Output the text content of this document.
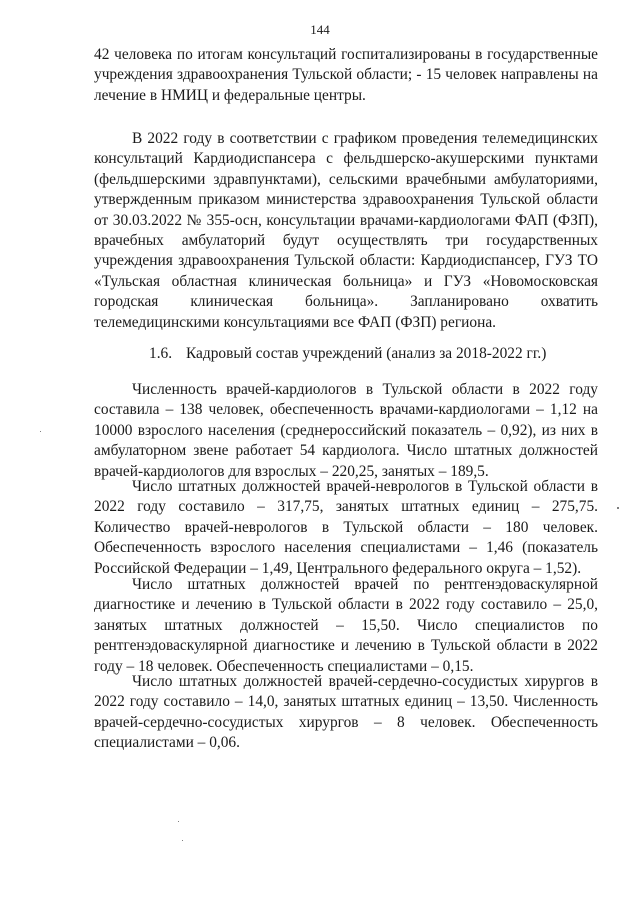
144

42 человека по итогам консультаций госпитализированы в государственные учреждения здравоохранения Тульской области; - 15 человек направлены на лечение в НМИЦ и федеральные центры.

В 2022 году в соответствии с графиком проведения телемедицинских консультаций Кардиодиспансера с фельдшерско-акушерскими пунктами (фельдшерскими здравпунктами), сельскими врачебными амбулаториями, утвержденным приказом министерства здравоохранения Тульской области от 30.03.2022 № 355-осн, консультации врачами-кардиологами ФАП (ФЗП), врачебных амбулаторий будут осуществлять три государственных учреждения здравоохранения Тульской области: Кардиодиспансер, ГУЗ ТО «Тульская областная клиническая больница» и ГУЗ «Новомосковская городская клиническая больница». Запланировано охватить телемедицинскими консультациями все ФАП (ФЗП) региона.

1.6. Кадровый состав учреждений (анализ за 2018-2022 гг.)

Численность врачей-кардиологов в Тульской области в 2022 году составила – 138 человек, обеспеченность врачами-кардиологами – 1,12 на 10000 взрослого населения (среднероссийский показатель – 0,92), из них в амбулаторном звене работает 54 кардиолога. Число штатных должностей врачей-кардиологов для взрослых – 220,25, занятых – 189,5.

Число штатных должностей врачей-неврологов в Тульской области в 2022 году составило – 317,75, занятых штатных единиц – 275,75. Количество врачей-неврологов в Тульской области – 180 человек. Обеспеченность взрослого населения специалистами – 1,46 (показатель Российской Федерации – 1,49, Центрального федерального округа – 1,52).

Число штатных должностей врачей по рентгенэдоваскулярной диагностике и лечению в Тульской области в 2022 году составило – 25,0, занятых штатных должностей – 15,50. Число специалистов по рентгенэдоваскулярной диагностике и лечению в Тульской области в 2022 году – 18 человек. Обеспеченность специалистами – 0,15.

Число штатных должностей врачей-сердечно-сосудистых хирургов в 2022 году составило – 14,0, занятых штатных единиц – 13,50. Численность врачей-сердечно-сосудистых хирургов – 8 человек. Обеспеченность специалистами – 0,06.
